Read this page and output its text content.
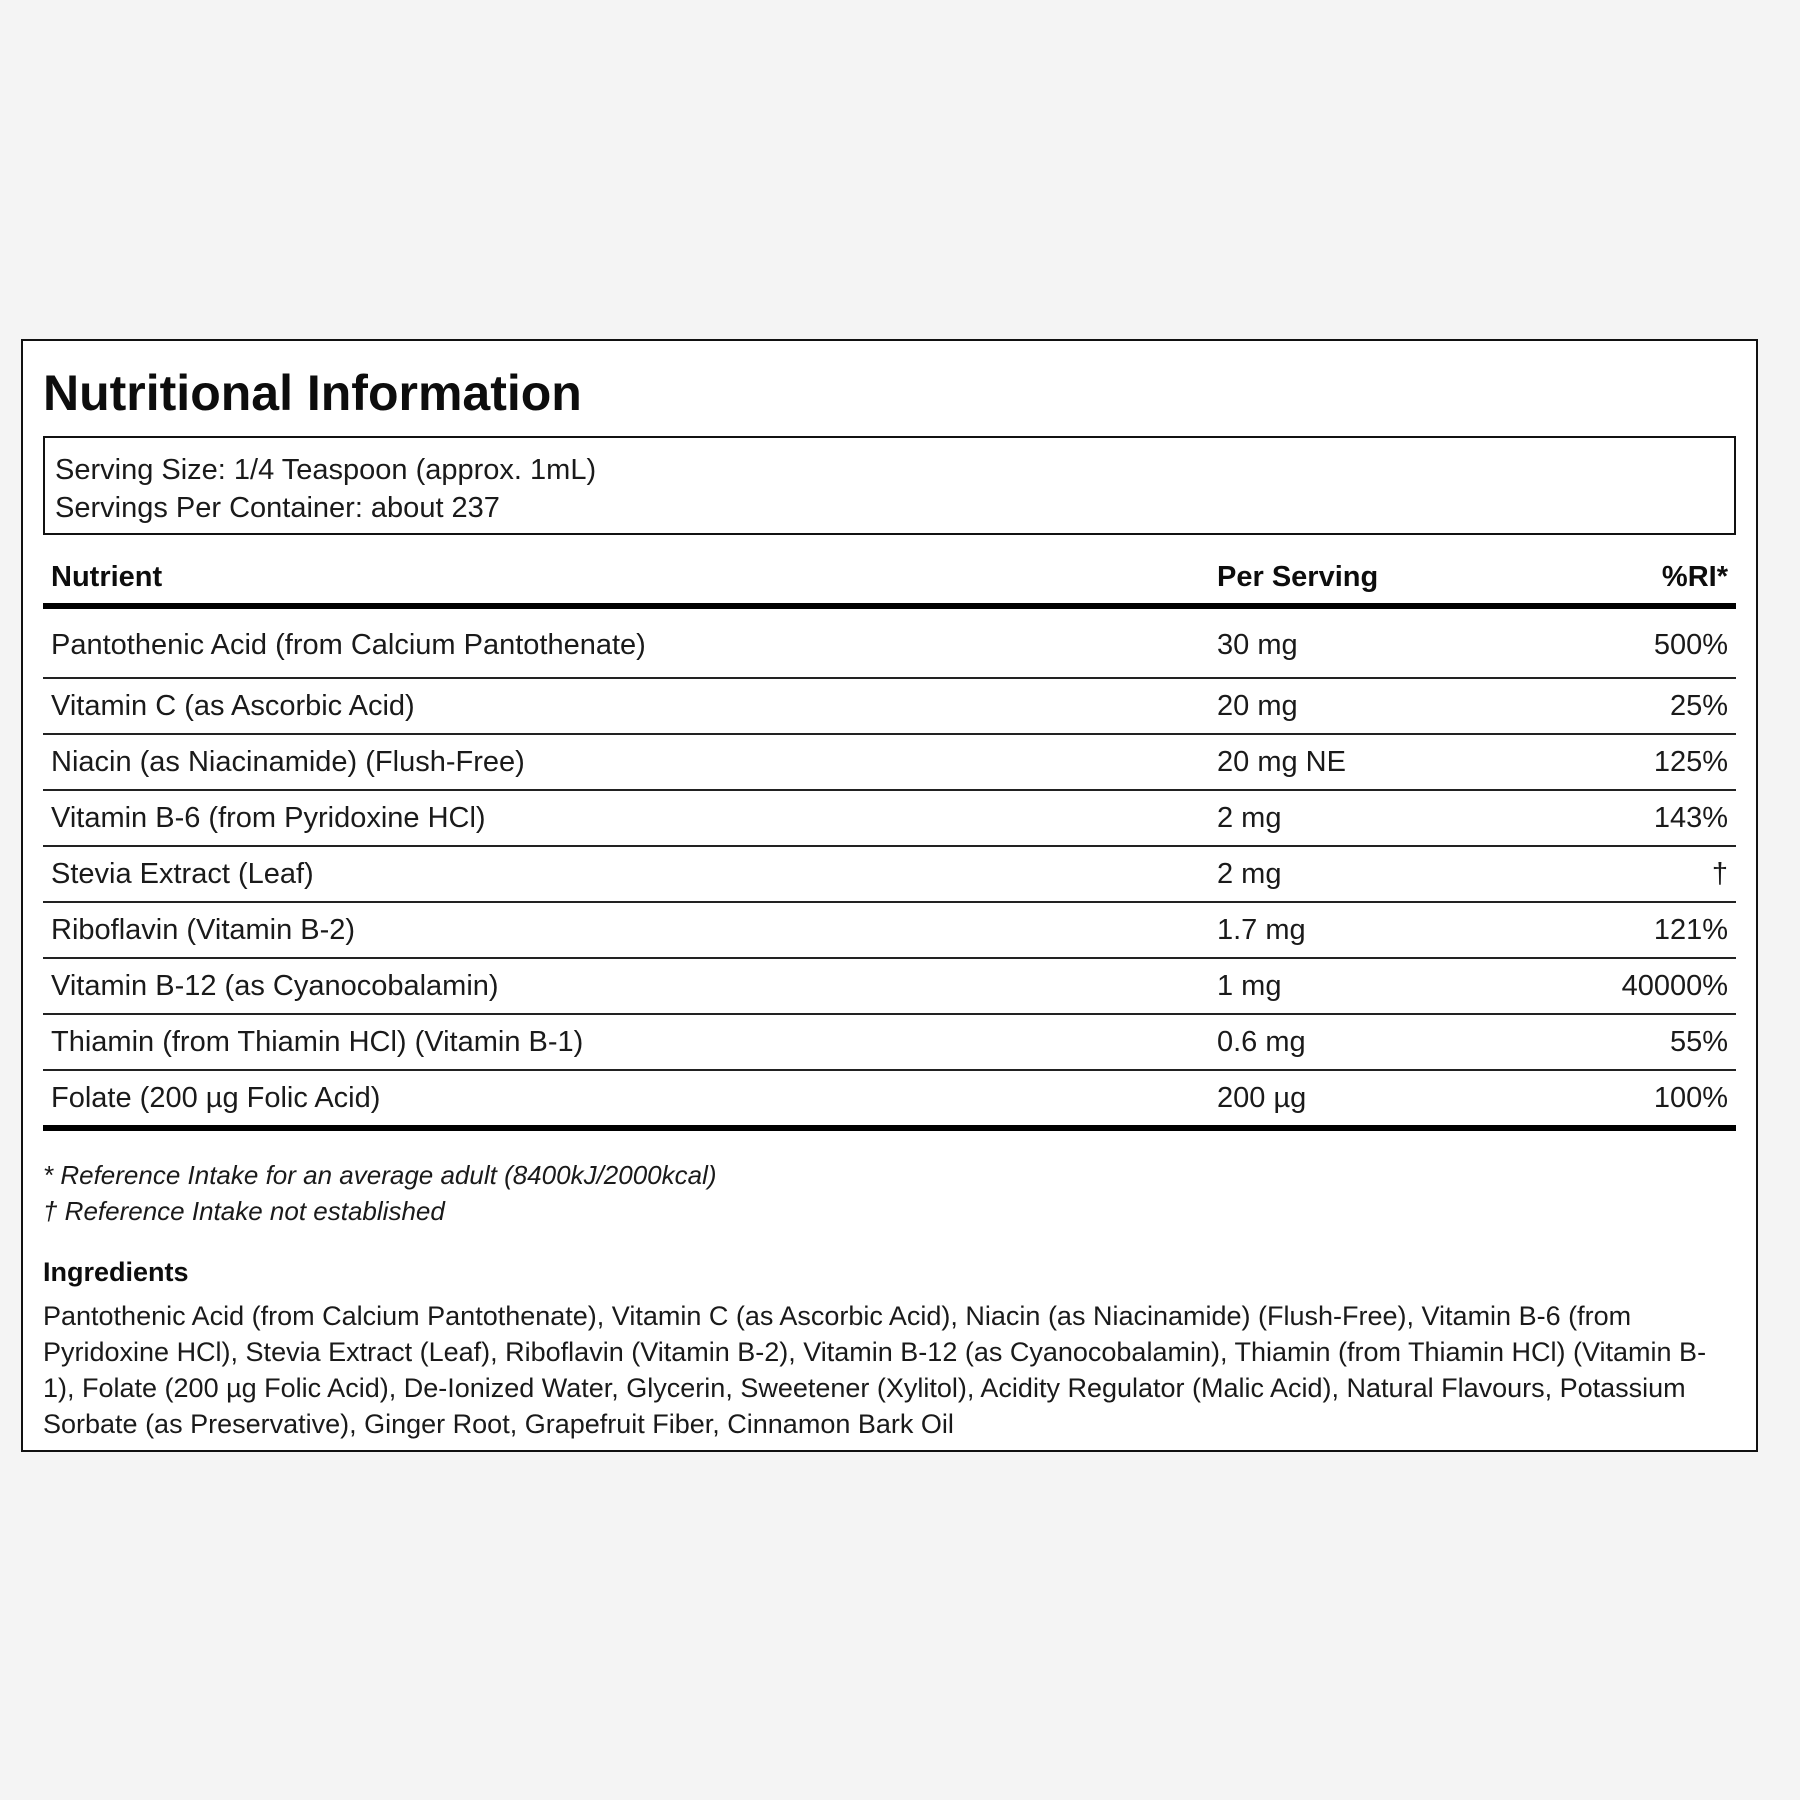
Nutritional Information
Serving Size: 1/4 Teaspoon (approx. 1mL)
Servings Per Container: about 237
Nutrient	Per Serving	%RI*
Pantothenic Acid (from Calcium Pantothenate)	30 mg	500%
Vitamin C (as Ascorbic Acid)	20 mg	25%
Niacin (as Niacinamide) (Flush-Free)	20 mg NE	125%
Vitamin B-6 (from Pyridoxine HCl)	2 mg	143%
Stevia Extract (Leaf)	2 mg	†
Riboflavin (Vitamin B-2)	1.7 mg	121%
Vitamin B-12 (as Cyanocobalamin)	1 mg	40000%
Thiamin (from Thiamin HCl) (Vitamin B-1)	0.6 mg	55%
Folate (200 µg Folic Acid)	200 µg	100%
* Reference Intake for an average adult (8400kJ/2000kcal)
† Reference Intake not established
Ingredients
Pantothenic Acid (from Calcium Pantothenate), Vitamin C (as Ascorbic Acid), Niacin (as Niacinamide) (Flush-Free), Vitamin B-6 (from Pyridoxine HCl), Stevia Extract (Leaf), Riboflavin (Vitamin B-2), Vitamin B-12 (as Cyanocobalamin), Thiamin (from Thiamin HCl) (Vitamin B-1), Folate (200 µg Folic Acid), De-Ionized Water, Glycerin, Sweetener (Xylitol), Acidity Regulator (Malic Acid), Natural Flavours, Potassium Sorbate (as Preservative), Ginger Root, Grapefruit Fiber, Cinnamon Bark Oil
